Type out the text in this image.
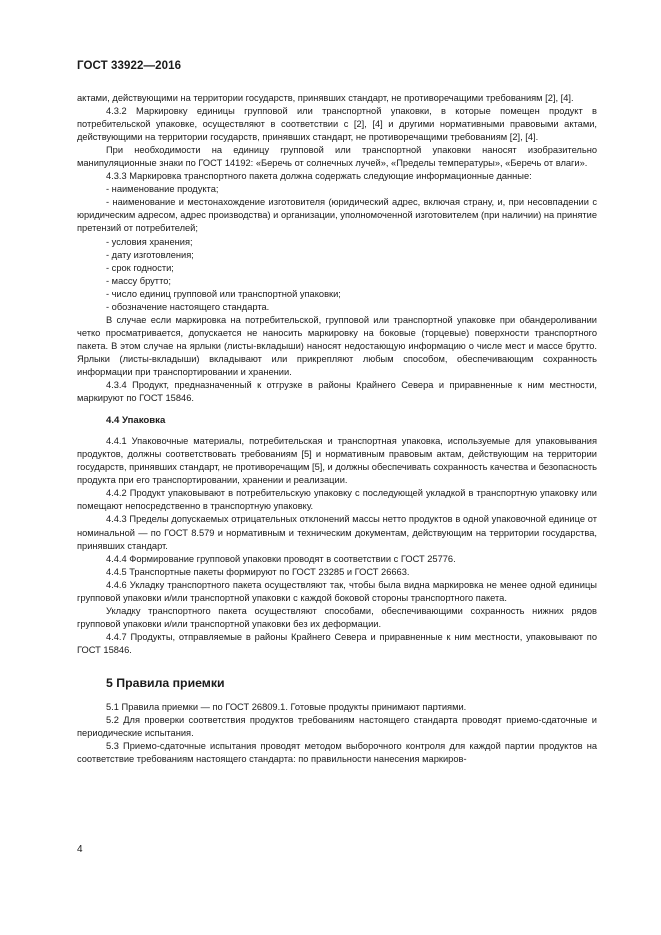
ГОСТ 33922—2016

актами, действующими на территории государств, принявших стандарт, не противоречащими требованиям [2], [4].

4.3.2 Маркировку единицы групповой или транспортной упаковки, в которые помещен продукт в потребительской упаковке, осуществляют в соответствии с [2], [4] и другими нормативными правовыми актами, действующими на территории государств, принявших стандарт, не противоречащими требованиям [2], [4].

При необходимости на единицу групповой или транспортной упаковки наносят изобразительно манипуляционные знаки по ГОСТ 14192: «Беречь от солнечных лучей», «Пределы температуры», «Беречь от влаги».

4.3.3 Маркировка транспортного пакета должна содержать следующие информационные данные:

- наименование продукта;

- наименование и местонахождение изготовителя (юридический адрес, включая страну, и, при несовпадении с юридическим адресом, адрес производства) и организации, уполномоченной изготовителем (при наличии) на принятие претензий от потребителей;

- условия хранения;

- дату изготовления;

- срок годности;

- массу брутто;

- число единиц групповой или транспортной упаковки;

- обозначение настоящего стандарта.

В случае если маркировка на потребительской, групповой или транспортной упаковке при обандероливании четко просматривается, допускается не наносить маркировку на боковые (торцевые) поверхности транспортного пакета. В этом случае на ярлыки (листы-вкладыши) наносят недостающую информацию о числе мест и массе брутто. Ярлыки (листы-вкладыши) вкладывают или прикрепляют любым способом, обеспечивающим сохранность информации при транспортировании и хранении.

4.3.4 Продукт, предназначенный к отгрузке в районы Крайнего Севера и приравненные к ним местности, маркируют по ГОСТ 15846.

4.4 Упаковка

4.4.1 Упаковочные материалы, потребительская и транспортная упаковка, используемые для упаковывания продуктов, должны соответствовать требованиям [5] и нормативным правовым актам, действующим на территории государств, принявших стандарт, не противоречащим [5], и должны обеспечивать сохранность качества и безопасность продукта при его транспортировании, хранении и реализации.

4.4.2 Продукт упаковывают в потребительскую упаковку с последующей укладкой в транспортную упаковку или помещают непосредственно в транспортную упаковку.

4.4.3 Пределы допускаемых отрицательных отклонений массы нетто продуктов в одной упаковочной единице от номинальной — по ГОСТ 8.579 и нормативным и техническим документам, действующим на территории государства, принявших стандарт.

4.4.4 Формирование групповой упаковки проводят в соответствии с ГОСТ 25776.

4.4.5 Транспортные пакеты формируют по ГОСТ 23285 и ГОСТ 26663.

4.4.6 Укладку транспортного пакета осуществляют так, чтобы была видна маркировка не менее одной единицы групповой упаковки и/или транспортной упаковки с каждой боковой стороны транспортного пакета.

Укладку транспортного пакета осуществляют способами, обеспечивающими сохранность нижних рядов групповой упаковки и/или транспортной упаковки без их деформации.

4.4.7 Продукты, отправляемые в районы Крайнего Севера и приравненные к ним местности, упаковывают по ГОСТ 15846.

5 Правила приемки

5.1 Правила приемки — по ГОСТ 26809.1. Готовые продукты принимают партиями.

5.2 Для проверки соответствия продуктов требованиям настоящего стандарта проводят приемо-сдаточные и периодические испытания.

5.3 Приемо-сдаточные испытания проводят методом выборочного контроля для каждой партии продуктов на соответствие требованиям настоящего стандарта: по правильности нанесения маркиров-

4
